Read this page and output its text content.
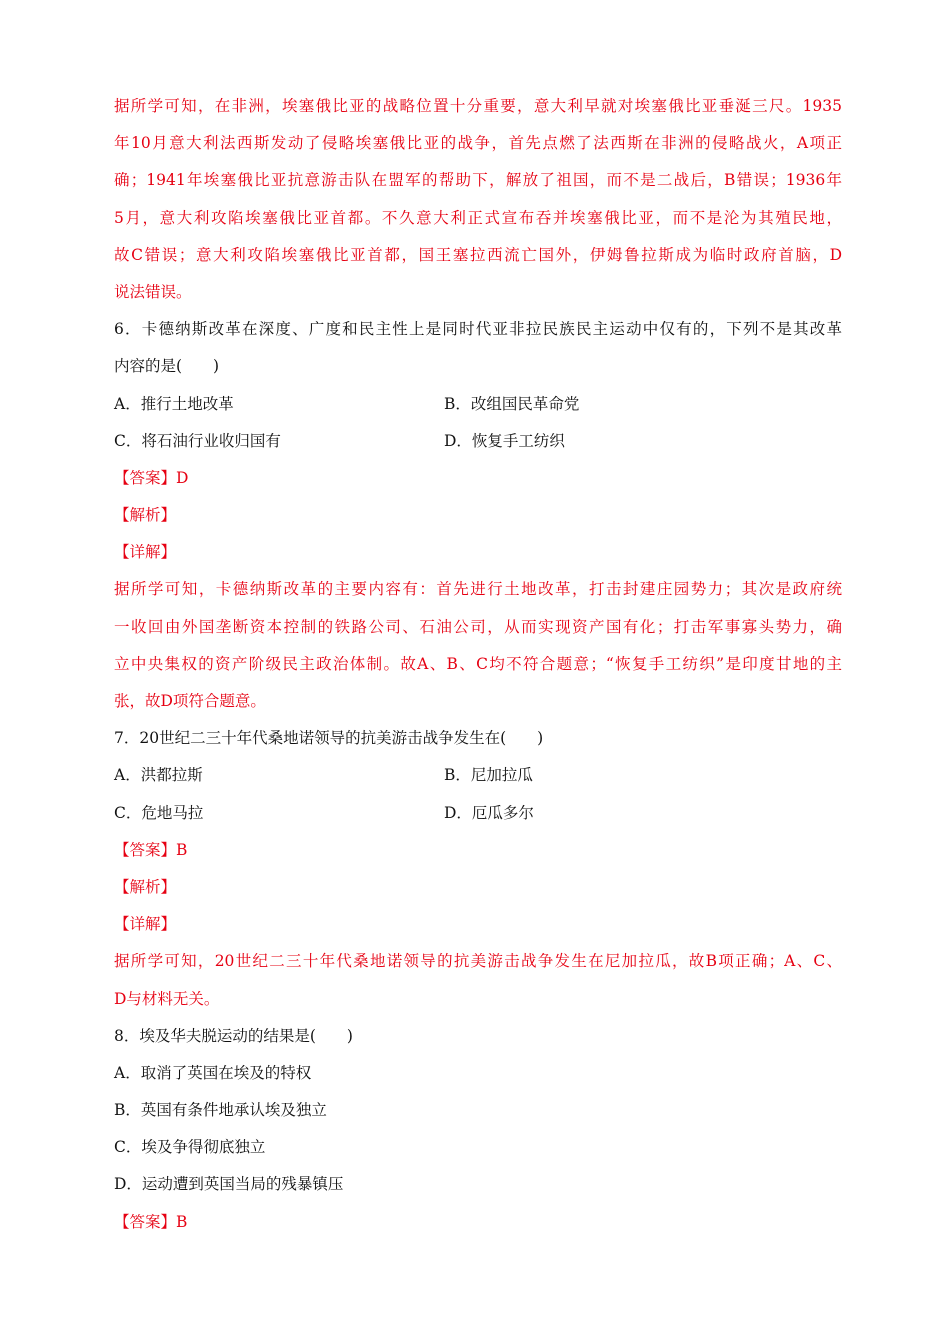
据所学可知，在非洲，埃塞俄比亚的战略位置十分重要，意大利早就对埃塞俄比亚垂涎三尺。1935
年10月意大利法西斯发动了侵略埃塞俄比亚的战争，首先点燃了法西斯在非洲的侵略战火，A项正
确；1941年埃塞俄比亚抗意游击队在盟军的帮助下，解放了祖国，而不是二战后，B错误；1936年
5月，意大利攻陷埃塞俄比亚首都。不久意大利正式宣布吞并埃塞俄比亚，而不是沦为其殖民地，
故C错误；意大利攻陷埃塞俄比亚首都，国王塞拉西流亡国外，伊姆鲁拉斯成为临时政府首脑，D
说法错误。
6．卡德纳斯改革在深度、广度和民主性上是同时代亚非拉民族民主运动中仅有的，下列不是其改革
内容的是(　　)
A．推行土地改革	B．改组国民革命党
C．将石油行业收归国有	D．恢复手工纺织
【答案】D
【解析】
【详解】
据所学可知，卡德纳斯改革的主要内容有：首先进行土地改革，打击封建庄园势力；其次是政府统
一收回由外国垄断资本控制的铁路公司、石油公司，从而实现资产国有化；打击军事寡头势力，确
立中央集权的资产阶级民主政治体制。故A、B、C均不符合题意；“恢复手工纺织”是印度甘地的主
张，故D项符合题意。
7．20世纪二三十年代桑地诺领导的抗美游击战争发生在(　　)
A．洪都拉斯	B．尼加拉瓜
C．危地马拉	D．厄瓜多尔
【答案】B
【解析】
【详解】
据所学可知，20世纪二三十年代桑地诺领导的抗美游击战争发生在尼加拉瓜，故B项正确；A、C、
D与材料无关。
8．埃及华夫脱运动的结果是(　　)
A．取消了英国在埃及的特权
B．英国有条件地承认埃及独立
C．埃及争得彻底独立
D．运动遭到英国当局的残暴镇压
【答案】B
